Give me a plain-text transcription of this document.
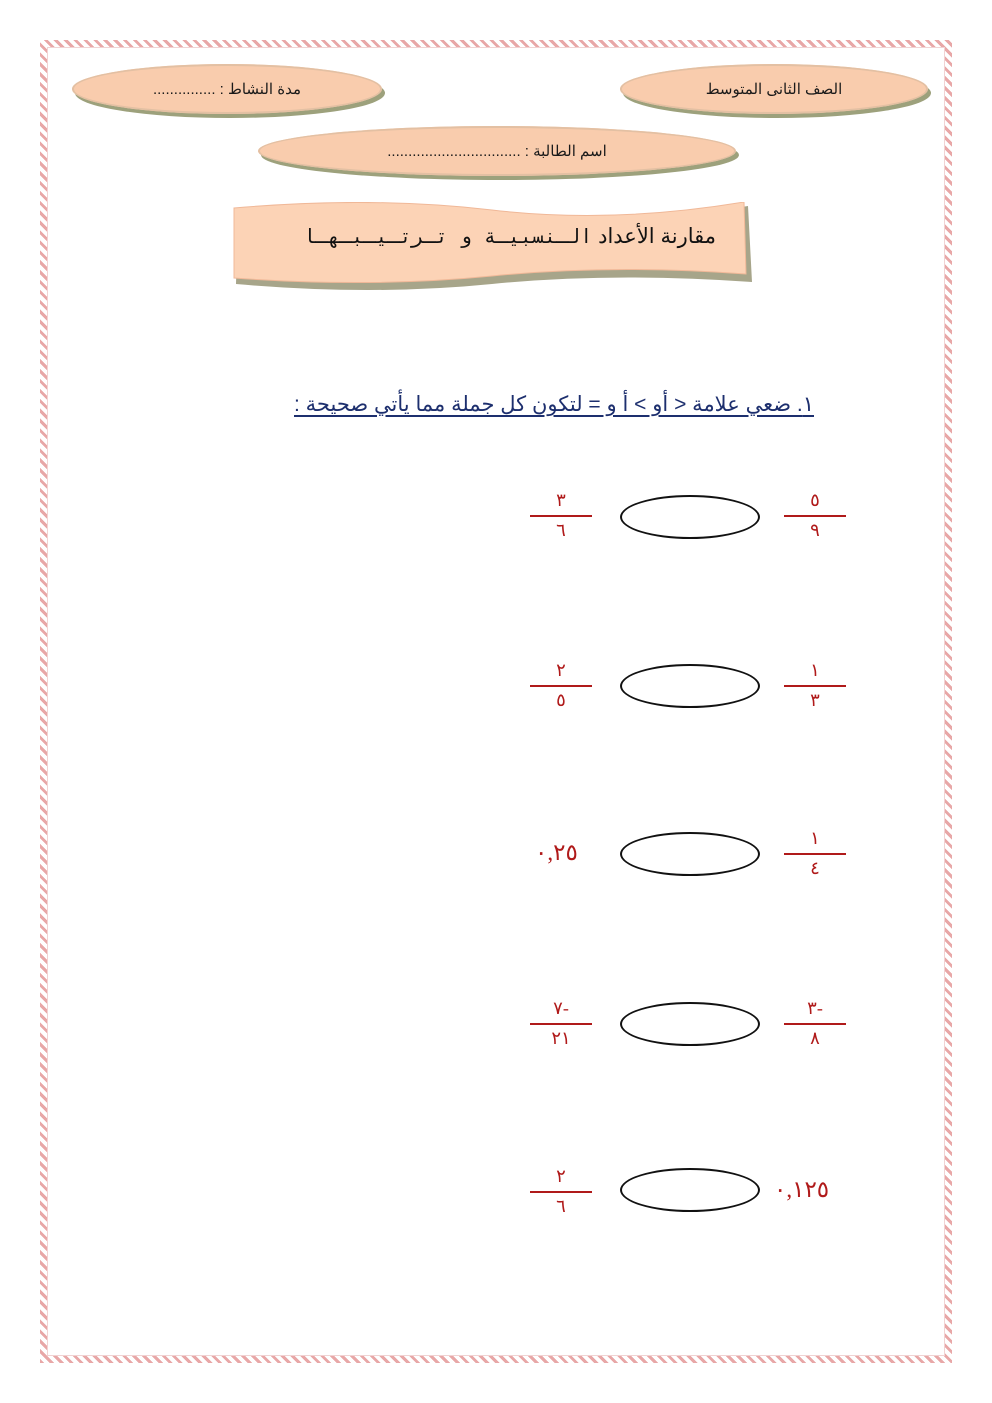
الصف الثانى المتوسط
مدة النشاط : ...............
اسم الطالبة : ................................
مقارنة الأعداد الـنسبيـة و تـرتـيـبـهـا
١. ضعي علامة < أو > أ و = لتكون كل جملة مما يأتي صحيحة :
٥
٩
٣
٦
١
٣
٢
٥
١
٤
٠,٢٥
٣-
٨
٧-
٢١
٠,١٢٥
٢
٦
